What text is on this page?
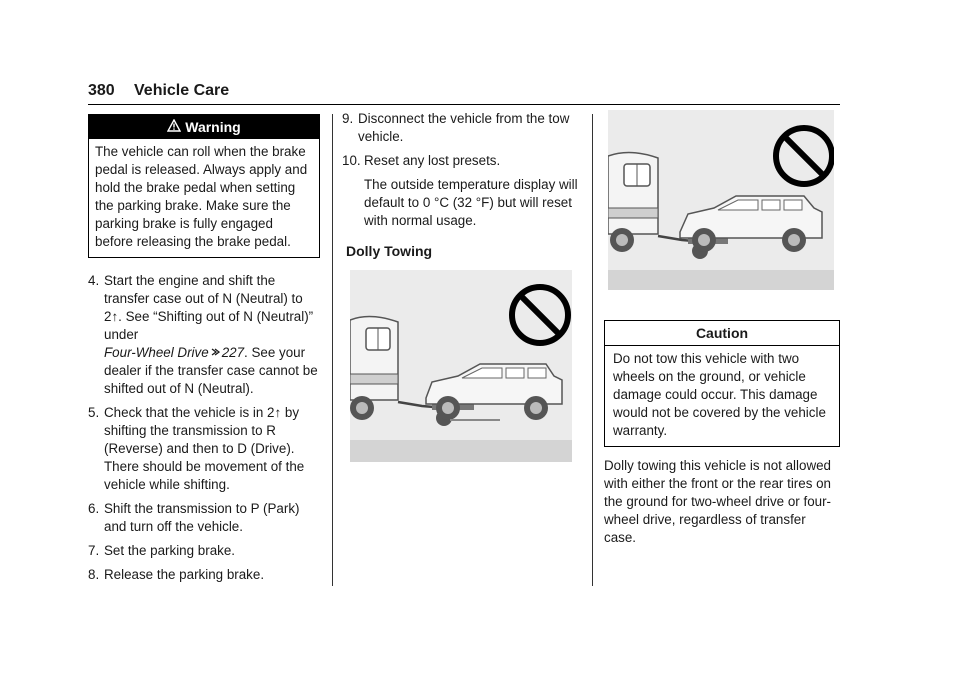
380 Vehicle Care
Warning
The vehicle can roll when the brake pedal is released. Always apply and hold the brake pedal when setting the parking brake. Make sure the parking brake is fully engaged before releasing the brake pedal.
4. Start the engine and shift the transfer case out of N (Neutral) to 2↑. See “Shifting out of N (Neutral)” under
Four-Wheel Drive 227. See your dealer if the transfer case cannot be shifted out of N (Neutral).
5. Check that the vehicle is in 2↑ by shifting the transmission to R (Reverse) and then to D (Drive). There should be movement of the vehicle while shifting.
6. Shift the transmission to P (Park) and turn off the vehicle.
7. Set the parking brake.
8. Release the parking brake.
9. Disconnect the vehicle from the tow vehicle.
10. Reset any lost presets.
The outside temperature display will default to 0 °C (32 °F) but will reset with normal usage.
Dolly Towing
Caution
Do not tow this vehicle with two wheels on the ground, or vehicle damage could occur. This damage would not be covered by the vehicle warranty.
Dolly towing this vehicle is not allowed with either the front or the rear tires on the ground for two-wheel drive or four-wheel drive, regardless of transfer case.
